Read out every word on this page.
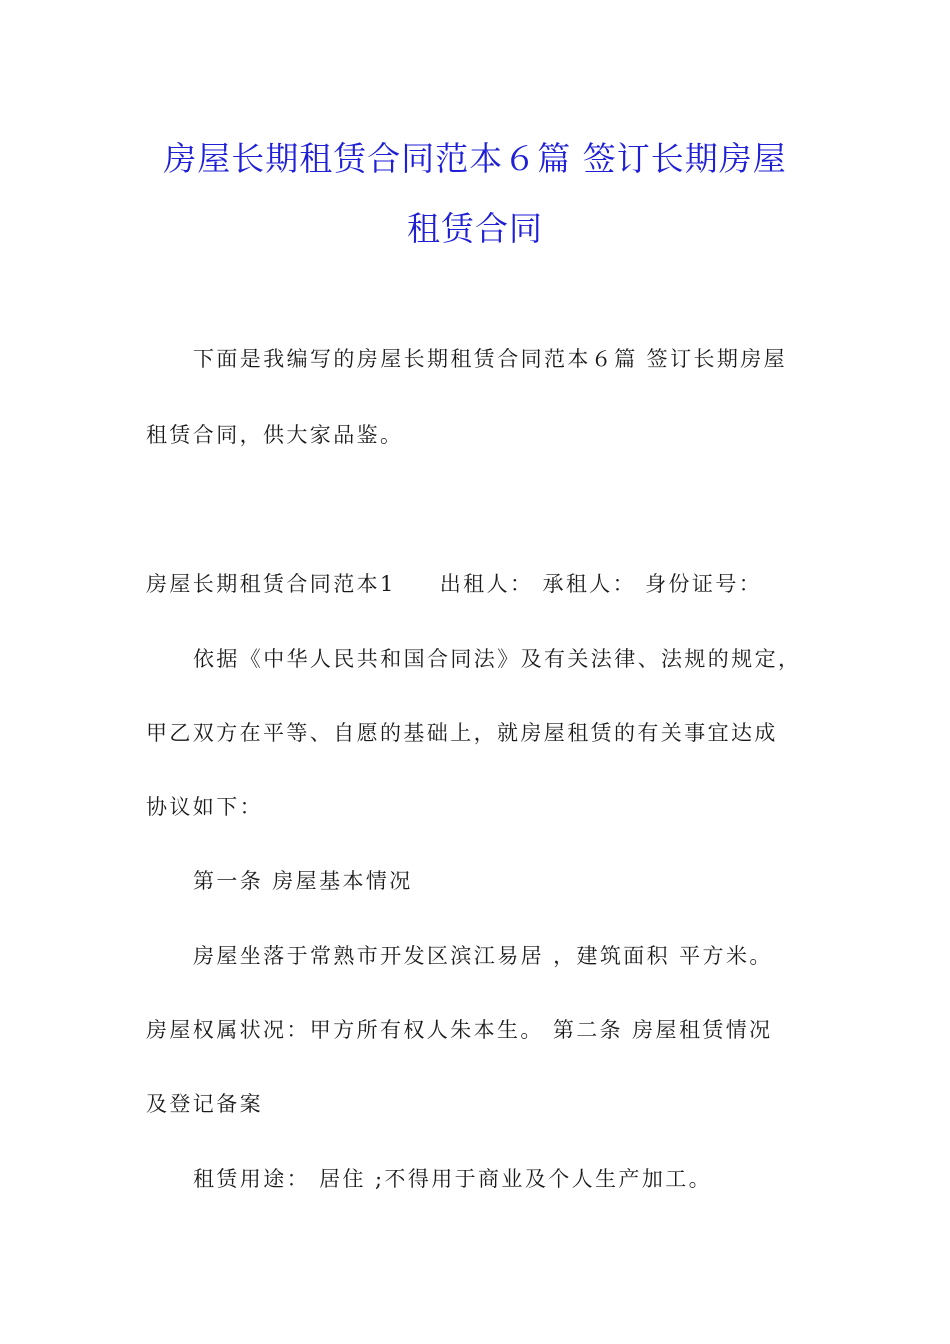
房屋长期租赁合同范本６篇 签订长期房屋
租赁合同
下面是我编写的房屋长期租赁合同范本６篇 签订长期房屋
租赁合同，供大家品鉴。
房屋长期租赁合同范本1 出租人： 承租人： 身份证号：
依据《中华人民共和国合同法》及有关法律、法规的规定，
甲乙双方在平等、自愿的基础上，就房屋租赁的有关事宜达成
协议如下：
第一条 房屋基本情况
房屋坐落于常熟市开发区滨江易居 ，建筑面积 平方米。
房屋权属状况：甲方所有权人朱本生。 第二条 房屋租赁情况
及登记备案
租赁用途： 居住 ;不得用于商业及个人生产加工。
